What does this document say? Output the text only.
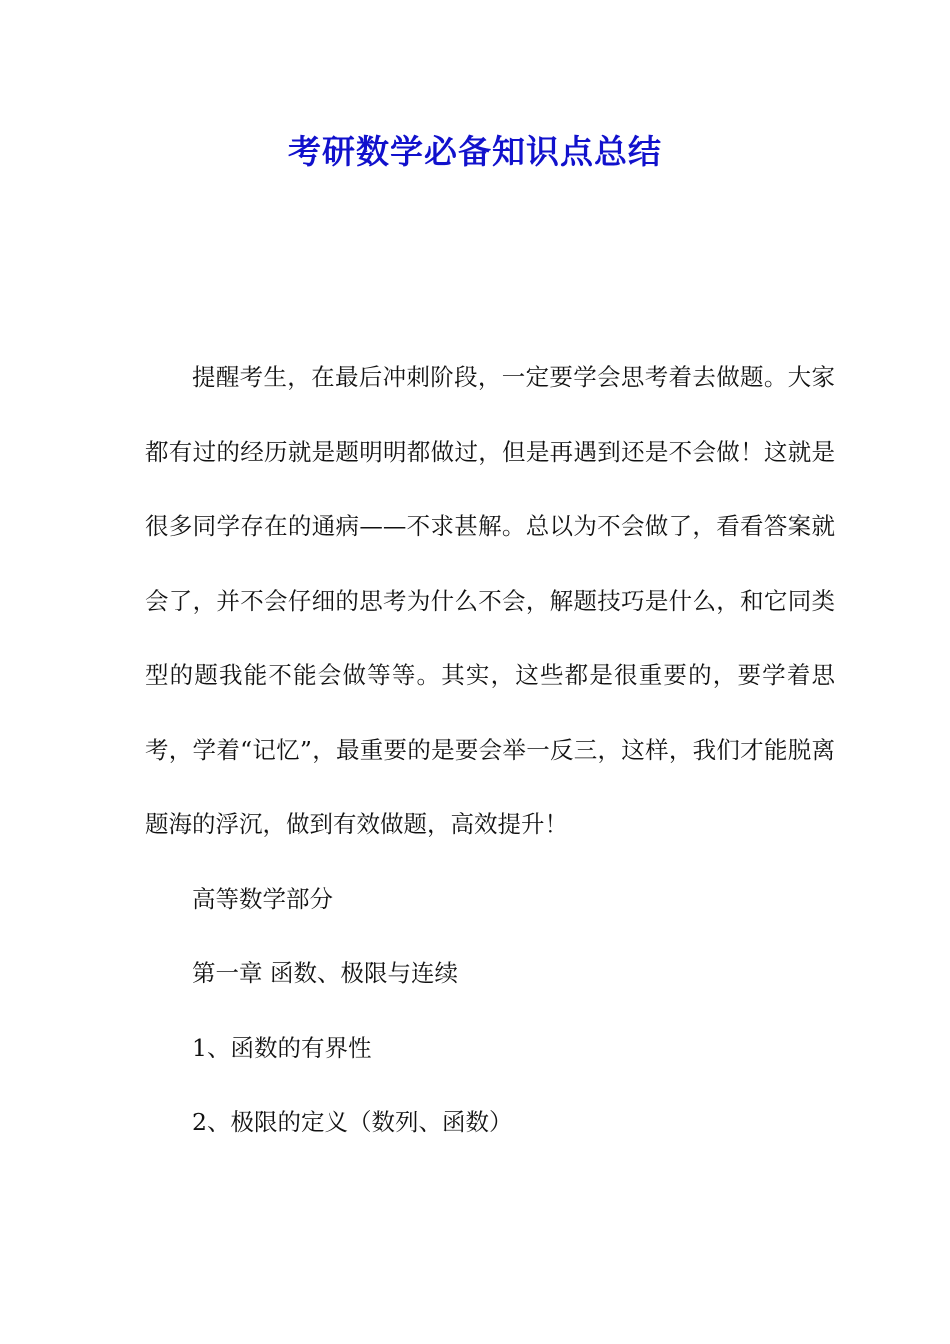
考研数学必备知识点总结

提醒考生，在最后冲刺阶段，一定要学会思考着去做题。大家都有过的经历就是题明明都做过，但是再遇到还是不会做！这就是很多同学存在的通病——不求甚解。总以为不会做了，看看答案就会了，并不会仔细的思考为什么不会，解题技巧是什么，和它同类型的题我能不能会做等等。其实，这些都是很重要的，要学着思考，学着“记忆”，最重要的是要会举一反三，这样，我们才能脱离题海的浮沉，做到有效做题，高效提升！

高等数学部分

第一章 函数、极限与连续

1、函数的有界性

2、极限的定义（数列、函数）
